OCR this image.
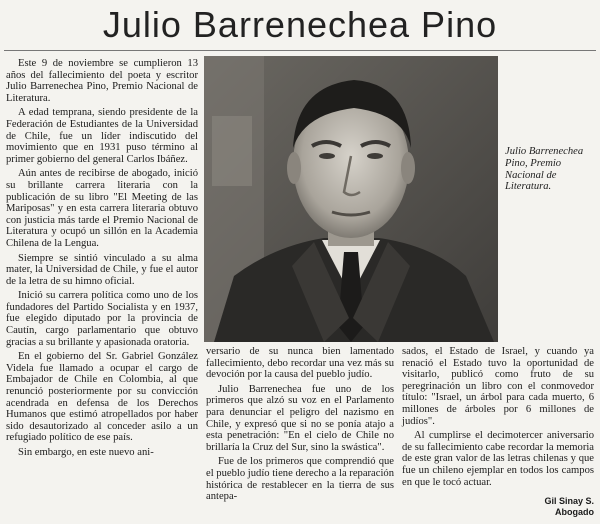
Julio Barrenechea Pino

Este 9 de noviembre se cumplieron 13 años del fallecimiento del poeta y escritor Julio Barrenechea Pino, Premio Nacional de Literatura.

A edad temprana, siendo presidente de la Federación de Estudiantes de la Universidad de Chile, fue un líder indiscutido del movimiento que en 1931 puso término al primer gobierno del general Carlos Ibáñez.

Aún antes de recibirse de abogado, inició su brillante carrera literaria con la publicación de su libro "El Meeting de las Mariposas" y en esta carrera literaria obtuvo con justicia más tarde el Premio Nacional de Literatura y ocupó un sillón en la Academia Chilena de la Lengua.

Siempre se sintió vinculado a su alma mater, la Universidad de Chile, y fue el autor de la letra de su himno oficial.

Inició su carrera política como uno de los fundadores del Partido Socialista y en 1937, fue elegido diputado por la provincia de Cautín, cargo parlamentario que obtuvo gracias a su brillante y apasionada oratoria.

En el gobierno del Sr. Gabriel González Videla fue llamado a ocupar el cargo de Embajador de Chile en Colombia, al que renunció posteriormente por su convicción acendrada en defensa de los Derechos Humanos que estimó atropellados por haber sido desautorizado al conceder asilo a un refugiado político de ese país.

Sin embargo, en este nuevo ani-

Julio Barrenechea Pino, Premio Nacional de Literatura.

versario de su nunca bien lamentado fallecimiento, debo recordar una vez más su devoción por la causa del pueblo judío.

Julio Barrenechea fue uno de los primeros que alzó su voz en el Parlamento para denunciar el peligro del nazismo en Chile, y expresó que si no se ponía atajo a esta penetración: "En el cielo de Chile no brillaría la Cruz del Sur, sino la swástica".

Fue de los primeros que comprendió que el pueblo judío tiene derecho a la reparación histórica de restablecer en la tierra de sus antepa-

sados, el Estado de Israel, y cuando ya renació el Estado tuvo la oportunidad de visitarlo, publicó como fruto de su peregrinación un libro con el conmovedor título: "Israel, un árbol para cada muerto, 6 millones de árboles por 6 millones de judíos".

Al cumplirse el decimotercer aniversario de su fallecimiento cabe recordar la memoria de este gran valor de las letras chilenas y que fue un chileno ejemplar en todos los campos en que le tocó actuar.

Gil Sinay S.
Abogado
